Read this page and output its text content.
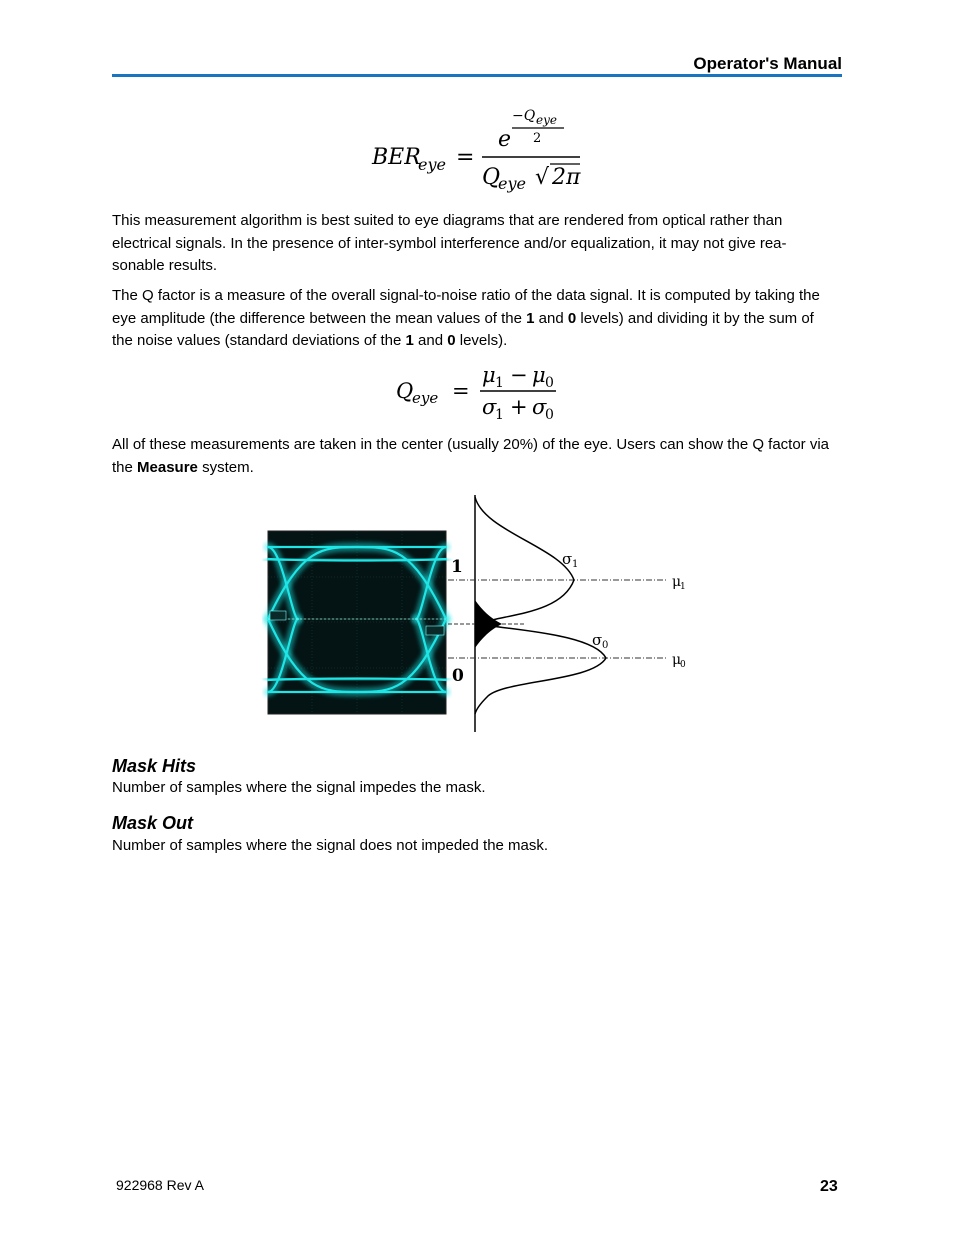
Operator's Manual
BER
eye =
e
−Q eye
2
Q
eye √ 2π

This measurement algorithm is best suited to eye diagrams that are rendered from optical rather than electrical signals. In the presence of inter-symbol interference and/or equalization, it may not give rea-sonable results.

The Q factor is a measure of the overall signal-to-noise ratio of the data signal. It is computed by taking the eye amplitude (the difference between the mean values of the 1 and 0 levels) and dividing it by the sum of the noise values (standard deviations of the 1 and 0 levels).

Q
eye =
μ 1 − μ 0
σ
1 + σ
0

All of these measurements are taken in the center (usually 20%) of the eye. Users can show the Q factor via the Measure system.

1
0
σ 1
σ 0
μ
1
μ
0
Mask Hits
Number of samples where the signal impedes the mask.
Mask Out
Number of samples where the signal does not impeded the mask.
922968 Rev A	23
